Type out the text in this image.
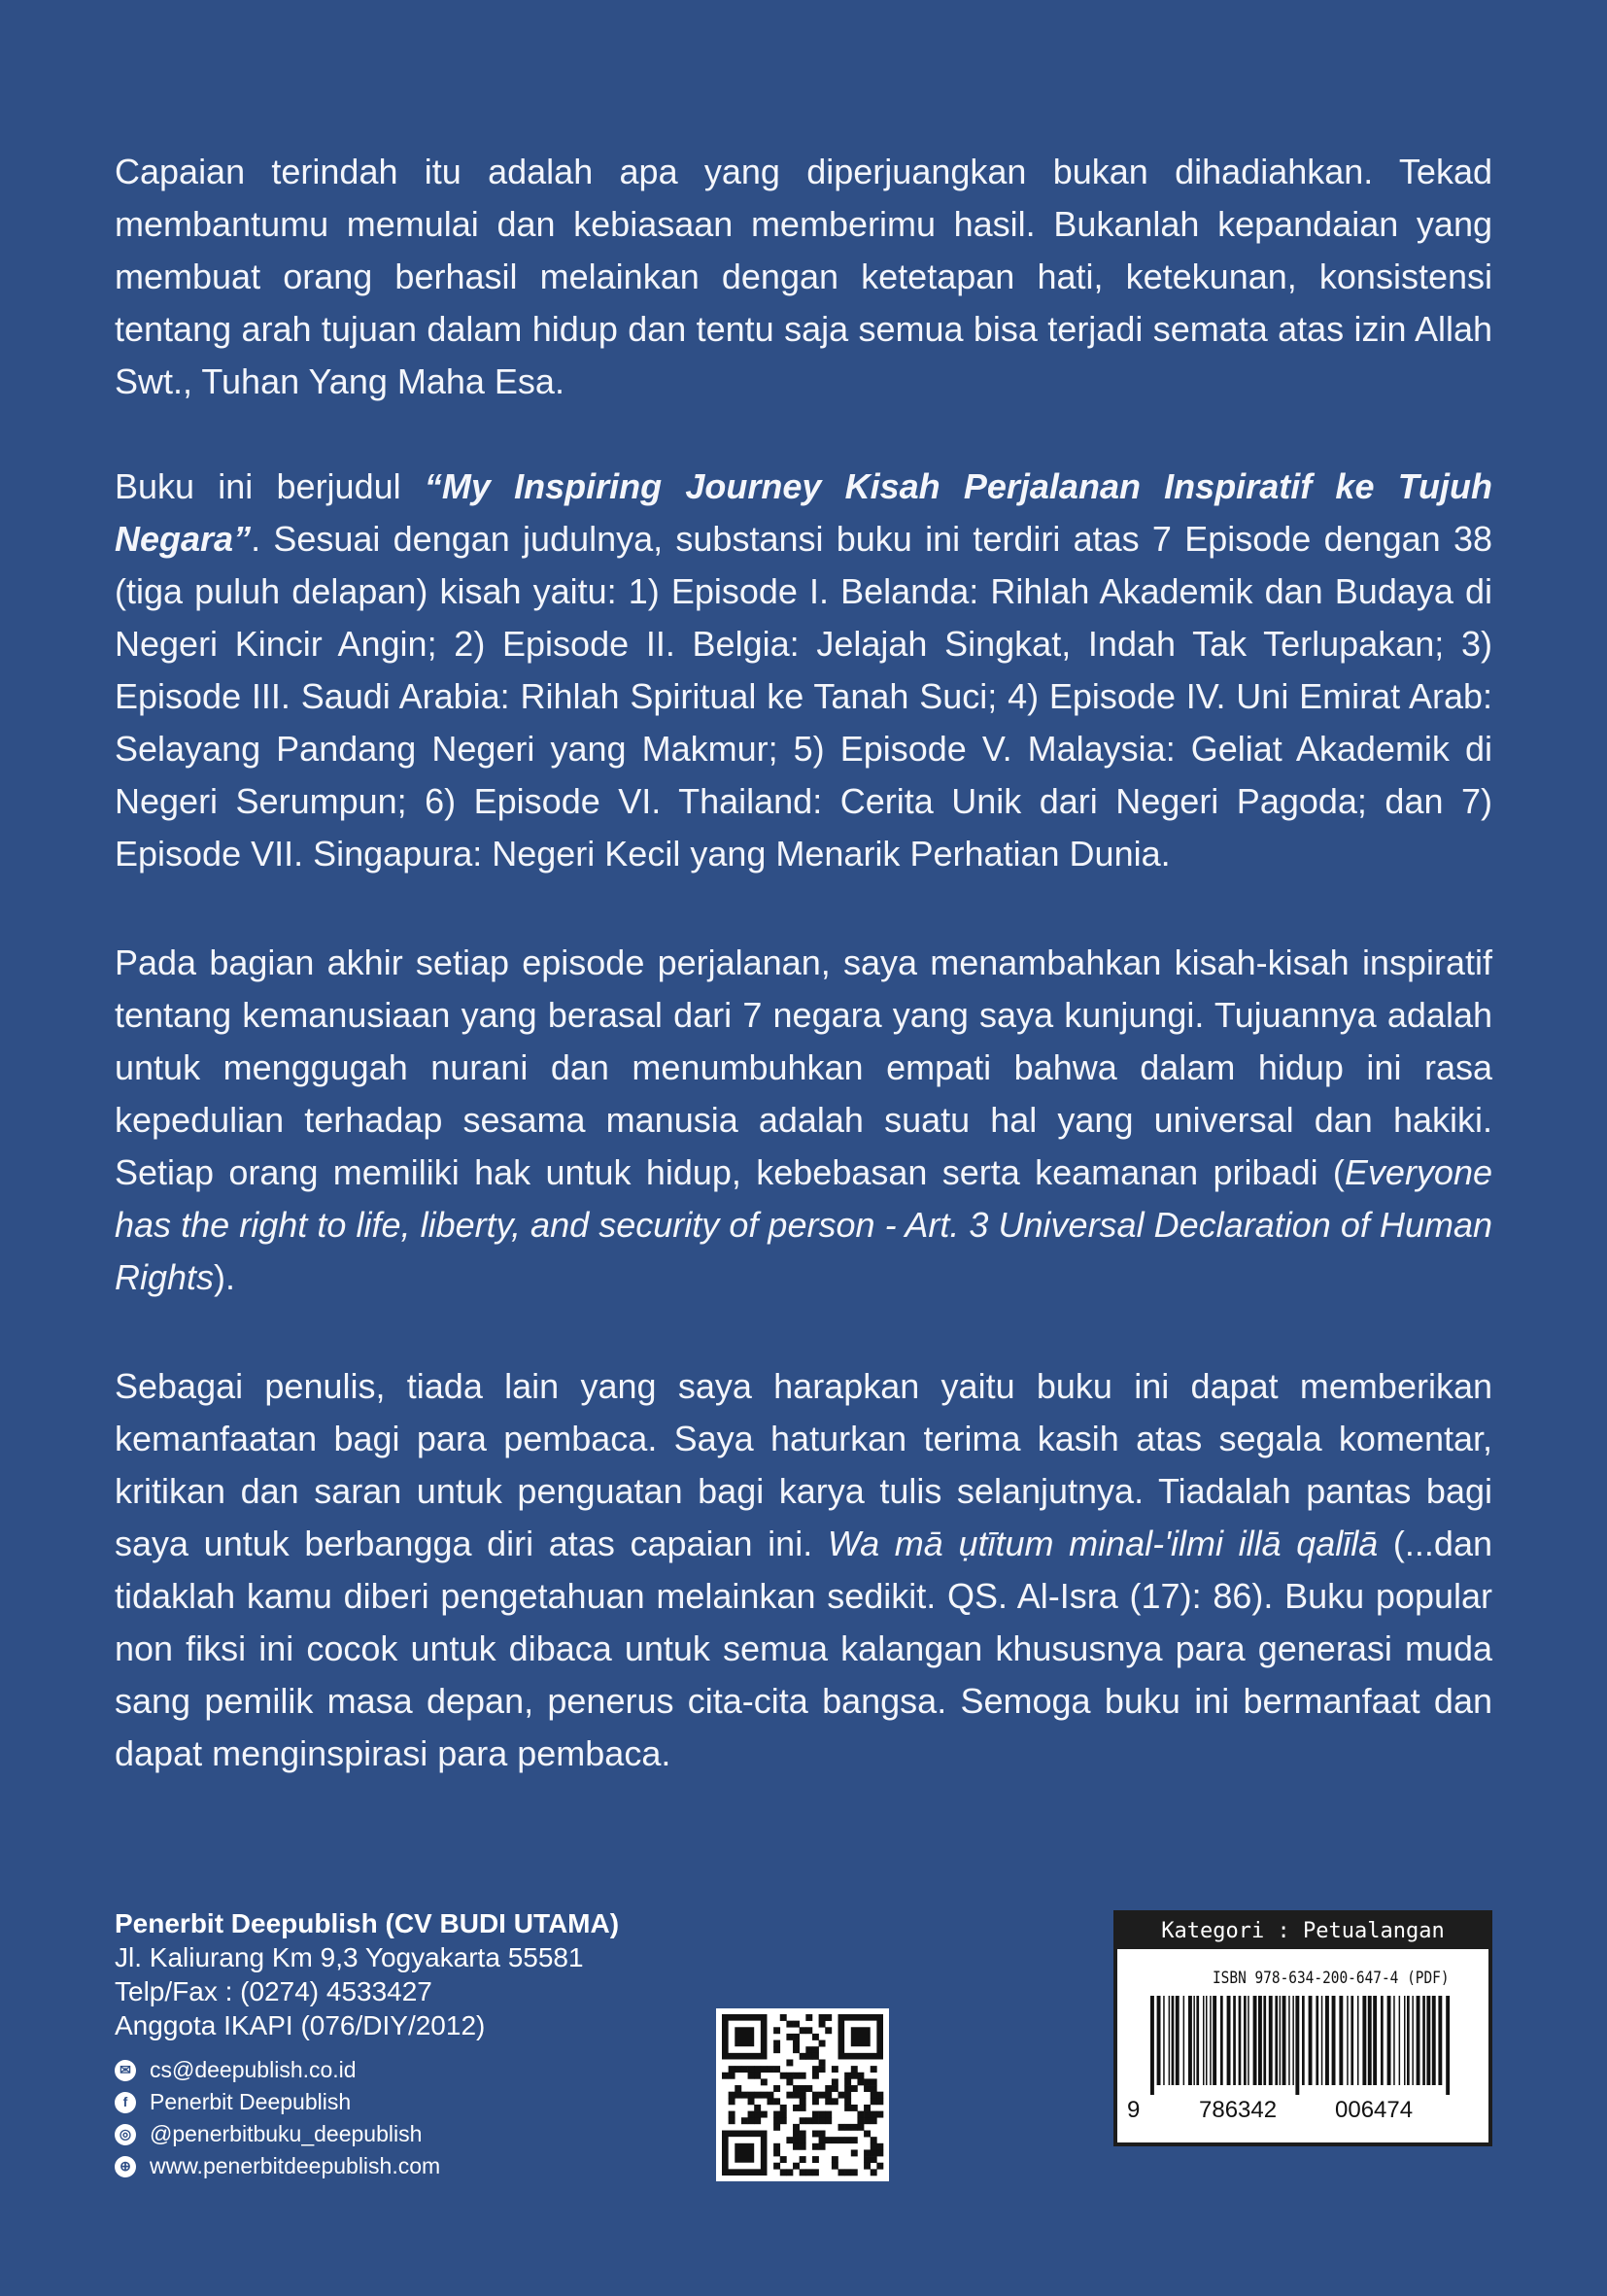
Capaian terindah itu adalah apa yang diperjuangkan bukan dihadiahkan. Tekad membantumu memulai dan kebiasaan memberimu hasil. Bukanlah kepandaian yang membuat orang berhasil melainkan dengan ketetapan hati, ketekunan, konsistensi tentang arah tujuan dalam hidup dan tentu saja semua bisa terjadi semata atas izin Allah Swt., Tuhan Yang Maha Esa.

Buku ini berjudul “My Inspiring Journey Kisah Perjalanan Inspiratif ke Tujuh Negara”. Sesuai dengan judulnya, substansi buku ini terdiri atas 7 Episode dengan 38 (tiga puluh delapan) kisah yaitu: 1) Episode I. Belanda: Rihlah Akademik dan Budaya di Negeri Kincir Angin; 2) Episode II. Belgia: Jelajah Singkat, Indah Tak Terlupakan; 3) Episode III. Saudi Arabia: Rihlah Spiritual ke Tanah Suci; 4) Episode IV. Uni Emirat Arab: Selayang Pandang Negeri yang Makmur; 5) Episode V. Malaysia: Geliat Akademik di Negeri Serumpun; 6) Episode VI. Thailand: Cerita Unik dari Negeri Pagoda; dan 7) Episode VII. Singapura: Negeri Kecil yang Menarik Perhatian Dunia.

Pada bagian akhir setiap episode perjalanan, saya menambahkan kisah-kisah inspiratif tentang kemanusiaan yang berasal dari 7 negara yang saya kunjungi. Tujuannya adalah untuk menggugah nurani dan menumbuhkan empati bahwa dalam hidup ini rasa kepedulian terhadap sesama manusia adalah suatu hal yang universal dan hakiki. Setiap orang memiliki hak untuk hidup, kebebasan serta keamanan pribadi (Everyone has the right to life, liberty, and security of person - Art. 3 Universal Declaration of Human Rights).

Sebagai penulis, tiada lain yang saya harapkan yaitu buku ini dapat memberikan kemanfaatan bagi para pembaca. Saya haturkan terima kasih atas segala komentar, kritikan dan saran untuk penguatan bagi karya tulis selanjutnya. Tiadalah pantas bagi saya untuk berbangga diri atas capaian ini. Wa mā ụtītum minal-'ilmi illā qalīlā (...dan tidaklah kamu diberi pengetahuan melainkan sedikit. QS. Al-Isra (17): 86). Buku popular non fiksi ini cocok untuk dibaca untuk semua kalangan khususnya para generasi muda sang pemilik masa depan, penerus cita-cita bangsa. Semoga buku ini bermanfaat dan dapat menginspirasi para pembaca.

Penerbit Deepublish (CV BUDI UTAMA)
Jl. Kaliurang Km 9,3 Yogyakarta 55581
Telp/Fax : (0274) 4533427
Anggota IKAPI (076/DIY/2012)
✉ cs@deepublish.co.id
f Penerbit Deepublish
◎ @penerbitbuku_deepublish
⊕ www.penerbitdeepublish.com
Kategori : Petualangan
ISBN 978-634-200-647-4 (PDF)
9	786342 006474
